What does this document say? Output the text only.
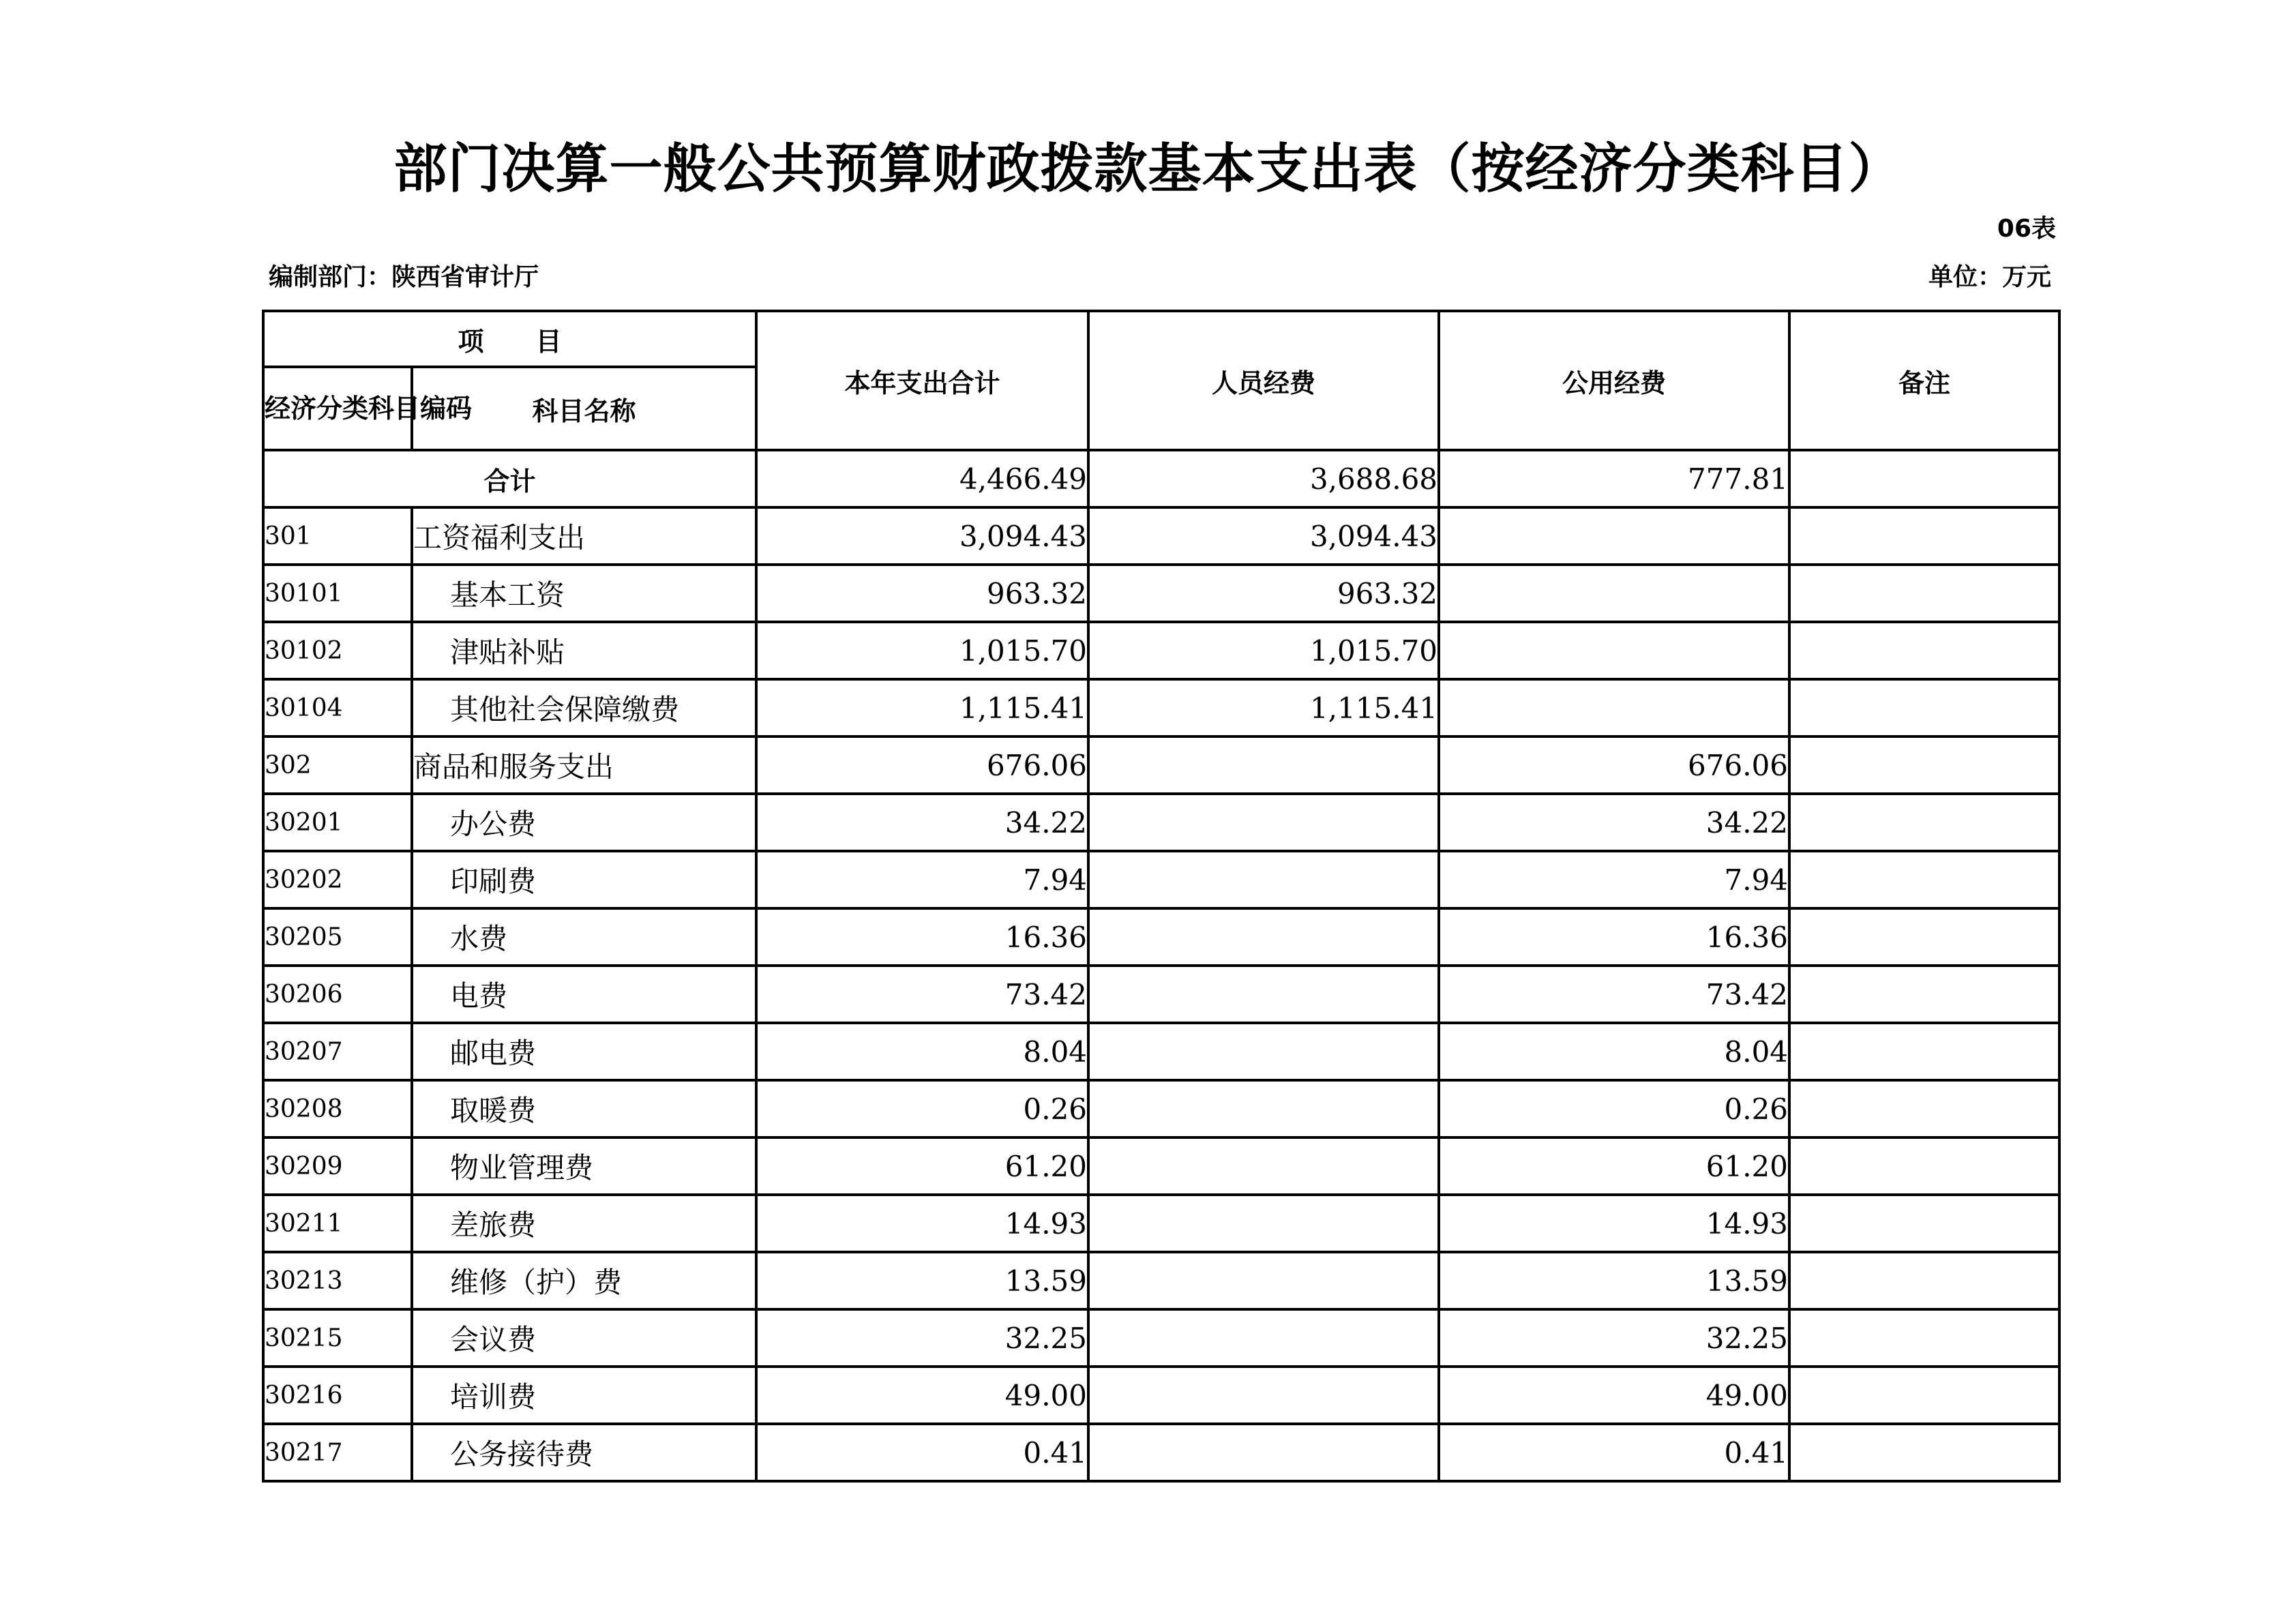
部门决算一般公共预算财政拨款基本支出表（按经济分类科目）
06表
编制部门：陕西省审计厅	单位：万元
项　　目		本年支出合计	人员经费	公用经费	备注
经济分类科目编码	科目名称				
合计		4,466.49	3,688.68	777.81	
301	工资福利支出	3,094.43	3,094.43		
30101	基本工资	963.32	963.32		
30102	津贴补贴	1,015.70	1,015.70		
30104	其他社会保障缴费	1,115.41	1,115.41		
302	商品和服务支出	676.06		676.06	
30201	办公费	34.22		34.22	
30202	印刷费	7.94		7.94	
30205	水费	16.36		16.36	
30206	电费	73.42		73.42	
30207	邮电费	8.04		8.04	
30208	取暖费	0.26		0.26	
30209	物业管理费	61.20		61.20	
30211	差旅费	14.93		14.93	
30213	维修（护）费	13.59		13.59	
30215	会议费	32.25		32.25	
30216	培训费	49.00		49.00	
30217	公务接待费	0.41		0.41	
